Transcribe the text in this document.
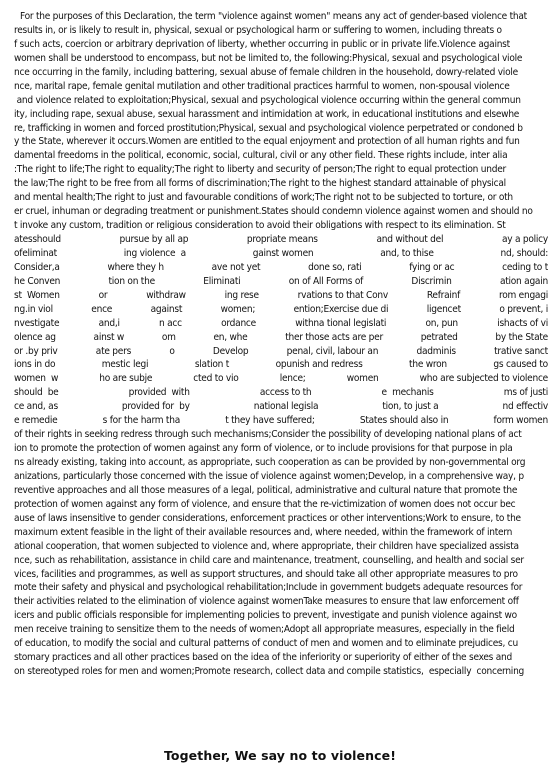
For the purposes of this Declaration, the term "violence against women" means any act of gender-based violence that
results in, or is likely to result in, physical, sexual or psychological harm or suffering to women, including threats o
f such acts, coercion or arbitrary deprivation of liberty, whether occurring in public or in private life.Violence against
women shall be understood to encompass, but not be limited to, the following:Physical, sexual and psychological viole
nce occurring in the family, including battering, sexual abuse of female children in the household, dowry-related viole
nce, marital rape, female genital mutilation and other traditional practices harmful to women, non-spousal violence
and violence related to exploitation;Physical, sexual and psychological violence occurring within the general commun
ity, including rape, sexual abuse, sexual harassment and intimidation at work, in educational institutions and elsewhe
re, trafficking in women and forced prostitution;Physical, sexual and psychological violence perpetrated or condoned b
y the State, wherever it occurs.Women are entitled to the equal enjoyment and protection of all human rights and fun
damental freedoms in the political, economic, social, cultural, civil or any other field. These rights include, inter alia
:The right to life;The right to equality;The right to liberty and security of person;The right to equal protection under
the law;The right to be free from all forms of discrimination;The right to the highest standard attainable of physical
and mental health;The right to just and favourable conditions of work;The right not to be subjected to torture, or oth
er cruel, inhuman or degrading treatment or punishment.States should condemn violence against women and should no
t invoke any custom, tradition or religious consideration to avoid their obligations with respect to its elimination. St
atesshould	pursue by all ap	propriate means	and without del	ay a policy
ofeliminat	ing violence  a	gainst women	and, to thise	nd, should:
Consider,a	where they h	ave not yet	done so, rati	fying or ac	ceding to t
he Conven	tion on the	Eliminati	on of All Forms of	Discrimin	ation again
st  Women	or	withdraw	ing rese	rvations to that Conv	Refrainf	rom engagi
ng.in viol	ence	against	women;	ention;Exercise due di	ligencet	o prevent, i
nvestigate	and,i	n acc	ordance	withna tional legislati	on, pun	ishacts of vi
olence ag	ainst w	om	en, whe	ther those acts are per	petrated	by the State
or .by priv	ate pers	o	Develop	penal, civil, labour an	dadminis	trative sanct
ions in do	mestic legi	slation t	opunish and redress	the wron	gs caused to
women  w	ho are subje	cted to vio	lence;	women	who are subjected to violence
should  be	provided  with	access to th	e  mechanis	ms of justi
ce and, as	provided for  by	national legisla	tion, to just a	nd effectiv
e remedie	s for the harm tha	t they have suffered;	States should also in	form women
of their rights in seeking redress through such mechanisms;Consider the possibility of developing national plans of act
ion to promote the protection of women against any form of violence, or to include provisions for that purpose in pla
ns already existing, taking into account, as appropriate, such cooperation as can be provided by non-governmental org
anizations, particularly those concerned with the issue of violence against women;Develop, in a comprehensive way, p
reventive approaches and all those measures of a legal, political, administrative and cultural nature that promote the
protection of women against any form of violence, and ensure that the re-victimization of women does not occur bec
ause of laws insensitive to gender considerations, enforcement practices or other interventions;Work to ensure, to the
maximum extent feasible in the light of their available resources and, where needed, within the framework of intern
ational cooperation, that women subjected to violence and, where appropriate, their children have specialized assista
nce, such as rehabilitation, assistance in child care and maintenance, treatment, counselling, and health and social ser
vices, facilities and programmes, as well as support structures, and should take all other appropriate measures to pro
mote their safety and physical and psychological rehabilitation;Include in government budgets adequate resources for
their activities related to the elimination of violence against womenTake measures to ensure that law enforcement off
icers and public officials responsible for implementing policies to prevent, investigate and punish violence against wo
men receive training to sensitize them to the needs of women;Adopt all appropriate measures, especially in the field
of education, to modify the social and cultural patterns of conduct of men and women and to eliminate prejudices, cu
stomary practices and all other practices based on the idea of the inferiority or superiority of either of the sexes and
on stereotyped roles for men and women;Promote research, collect data and compile statistics,  especially  concerning
Together, We say no to violence!
